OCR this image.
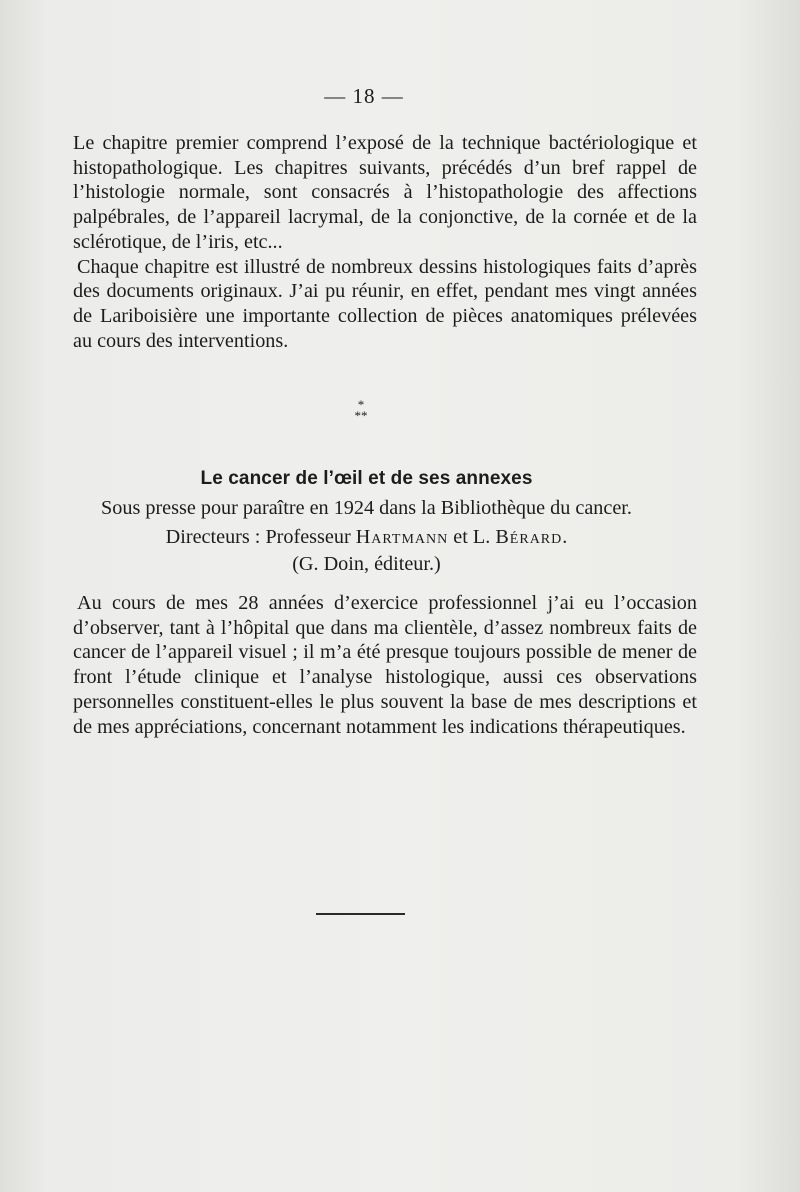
— 18 —

Le chapitre premier comprend l’exposé de la technique bactériologique et histopathologique. Les chapitres suivants, précédés d’un bref rappel de l’histologie normale, sont consacrés à l’histopathologie des affections palpébrales, de l’appareil lacrymal, de la conjonctive, de la cornée et de la sclérotique, de l’iris, etc...

Chaque chapitre est illustré de nombreux dessins histologiques faits d’après des documents originaux. J’ai pu réunir, en effet, pendant mes vingt années de Lariboisière une importante collection de pièces anatomiques prélevées au cours des interventions.

*
**
Le cancer de l’œil et de ses annexes
Sous presse pour paraître en 1924 dans la Bibliothèque du cancer.
Directeurs : Professeur Hartmann et L. Bérard.
(G. Doin, éditeur.)

Au cours de mes 28 années d’exercice professionnel j’ai eu l’occasion d’observer, tant à l’hôpital que dans ma clientèle, d’assez nombreux faits de cancer de l’appareil visuel ; il m’a été presque toujours possible de mener de front l’étude clinique et l’analyse histologique, aussi ces observations personnelles constituent-elles le plus souvent la base de mes descriptions et de mes appréciations, concernant notamment les indications thérapeutiques.
